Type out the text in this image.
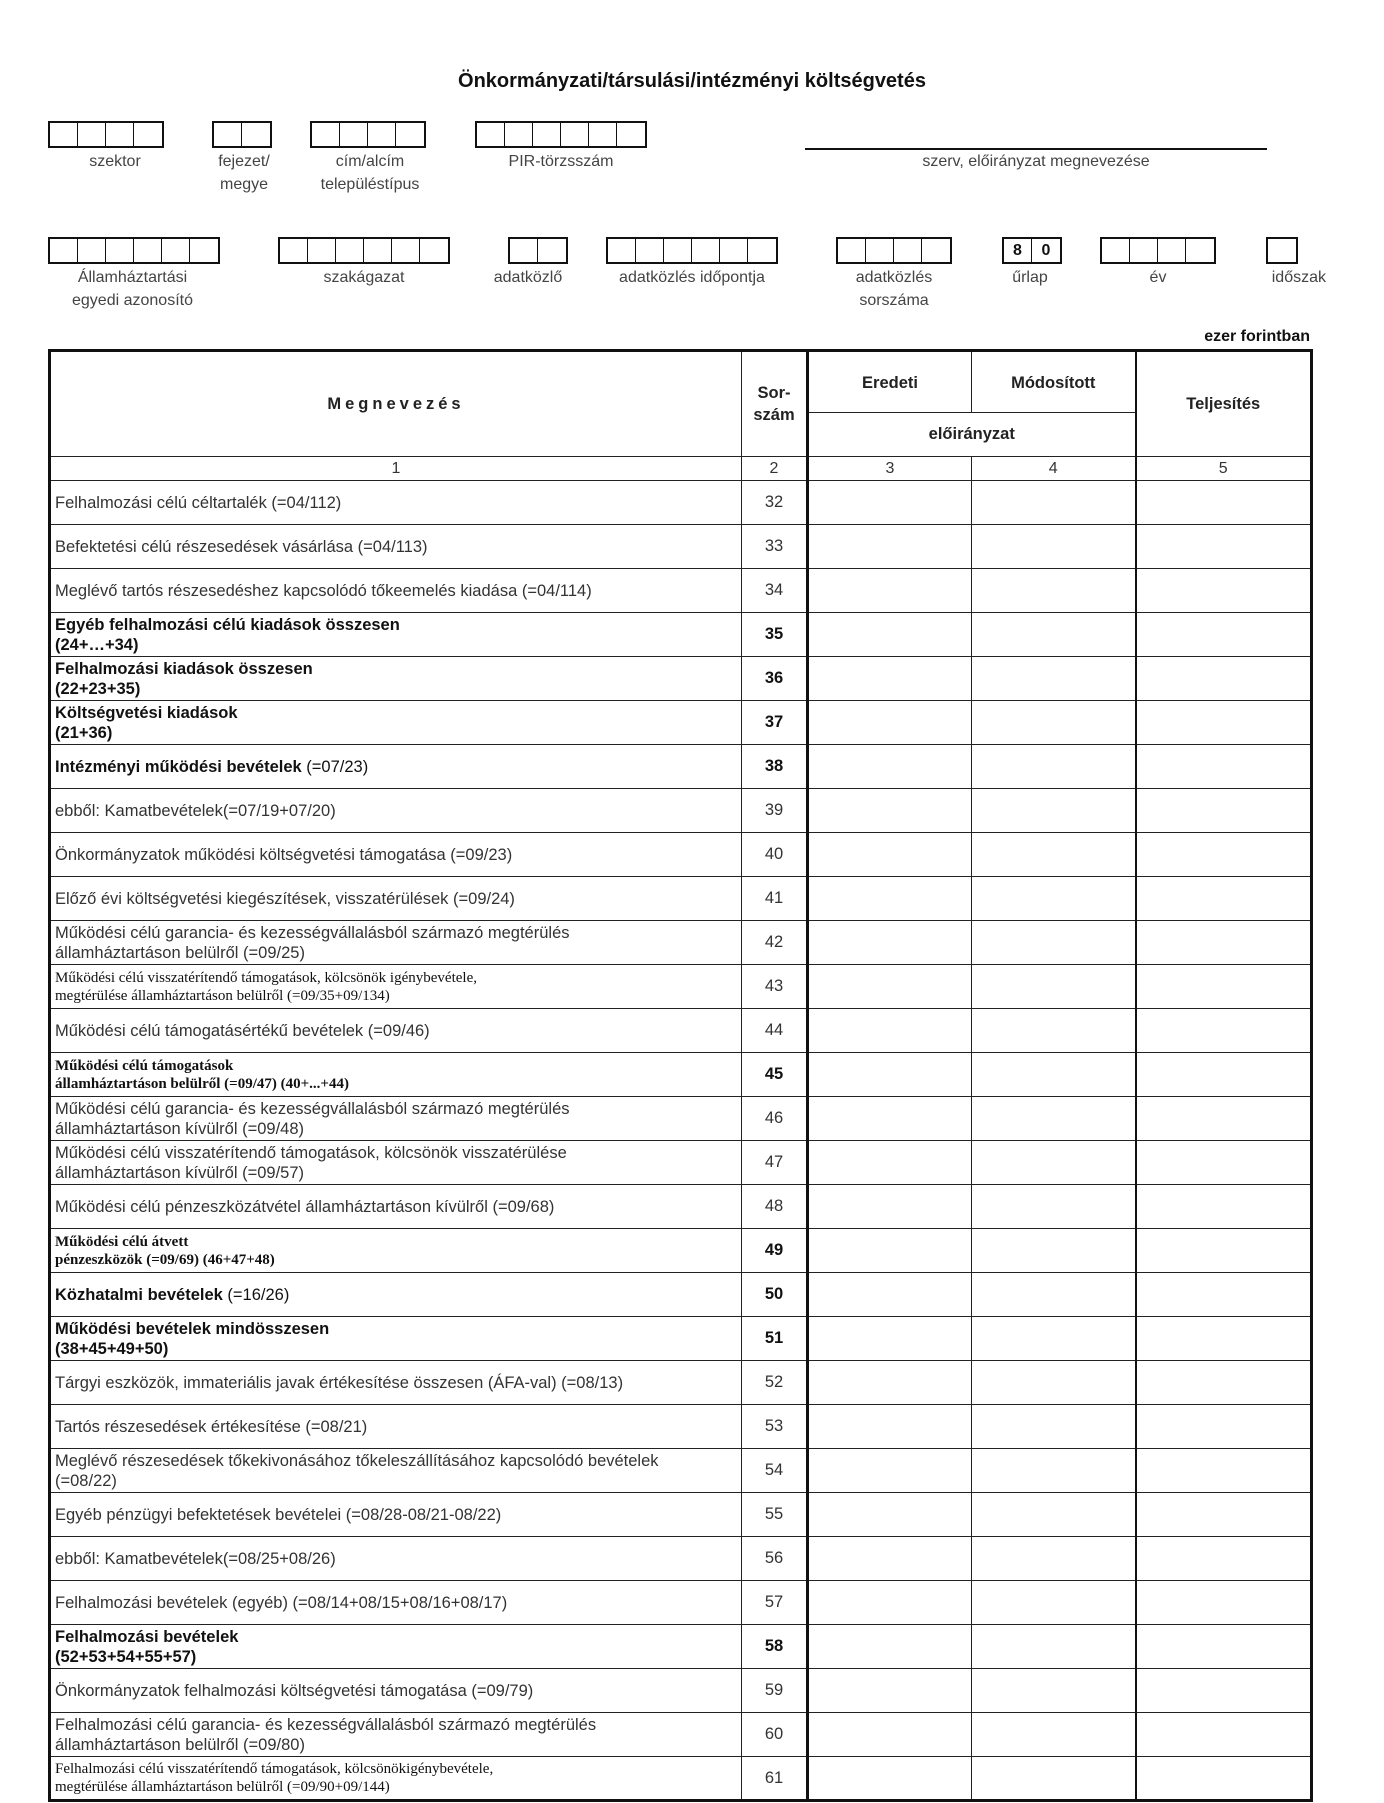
Önkormányzati/társulási/intézményi költségvetés
szektor	fejezet/
megye
cím/alcím
településtípus
PIR-törzsszám	szerv, előirányzat megnevezése
Államháztartási
egyedi azonosító
szakágazat	adatközlő	adatközlés időpontja	adatközlés
sorszáma
8	0
űrlap	év	időszak
ezer forintban
Megnevezés	Sor-
szám	Eredeti	Módosított	Teljesítés
		előirányzat		
1	2	3	4	5
Felhalmozási célú céltartalék (=04/112)	32			
Befektetési célú részesedések vásárlása (=04/113)	33			
Meglévő tartós részesedéshez kapcsolódó tőkeemelés kiadása (=04/114)	34			
Egyéb felhalmozási célú kiadások összesen
(24+…+34)	35			
Felhalmozási kiadások összesen
(22+23+35)	36			
Költségvetési kiadások
(21+36)	37			
Intézményi működési bevételek (=07/23)	38			
ebből: Kamatbevételek(=07/19+07/20)	39			
Önkormányzatok működési költségvetési támogatása (=09/23)	40			
Előző évi költségvetési kiegészítések, visszatérülések (=09/24)	41			
Működési célú garancia- és kezességvállalásból származó megtérülés
államháztartáson belülről (=09/25)	42			
Működési célú visszatérítendő támogatások, kölcsönök igénybevétele,
megtérülése államháztartáson belülről (=09/35+09/134)	43			
Működési célú támogatásértékű bevételek (=09/46)	44			
Működési célú támogatások
államháztartáson belülről (=09/47) (40+...+44)	45			
Működési célú garancia- és kezességvállalásból származó megtérülés
államháztartáson kívülről (=09/48)	46			
Működési célú visszatérítendő támogatások, kölcsönök visszatérülése
államháztartáson kívülről (=09/57)	47			
Működési célú pénzeszközátvétel államháztartáson kívülről (=09/68)	48			
Működési célú átvett
pénzeszközök (=09/69) (46+47+48)	49			
Közhatalmi bevételek (=16/26)	50			
Működési bevételek mindösszesen
(38+45+49+50)	51			
Tárgyi eszközök, immateriális javak értékesítése összesen (ÁFA-val) (=08/13)	52			
Tartós részesedések értékesítése (=08/21)	53			
Meglévő részesedések tőkekivonásához tőkeleszállításához kapcsolódó bevételek
(=08/22)	54			
Egyéb pénzügyi befektetések bevételei (=08/28-08/21-08/22)	55			
ebből: Kamatbevételek(=08/25+08/26)	56			
Felhalmozási bevételek (egyéb) (=08/14+08/15+08/16+08/17)	57			
Felhalmozási bevételek
(52+53+54+55+57)	58			
Önkormányzatok felhalmozási költségvetési támogatása (=09/79)	59			
Felhalmozási célú garancia- és kezességvállalásból származó megtérülés
államháztartáson belülről (=09/80)	60			
Felhalmozási célú visszatérítendő támogatások, kölcsönökigénybevétele,
megtérülése államháztartáson belülről (=09/90+09/144)	61			
